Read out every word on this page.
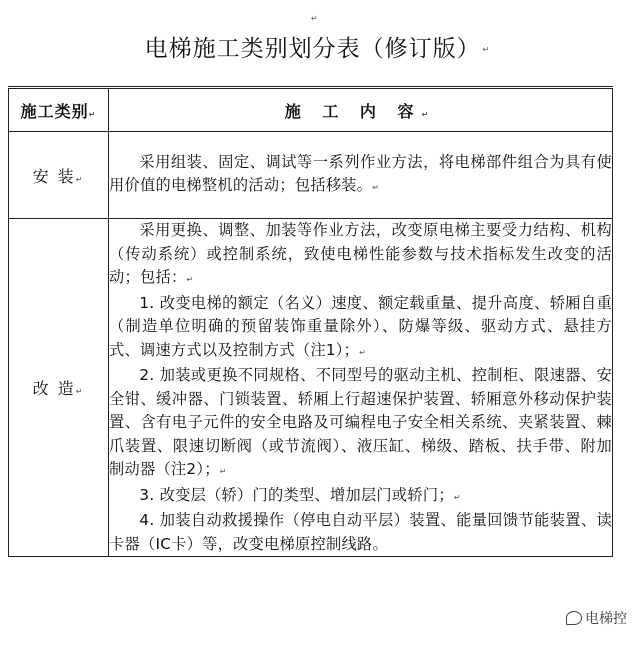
↵
电梯施工类别划分表（修订版） ↵
施工类别↵	施 工 内 容↵
安 装↵	采用组装、固定、调试等一系列作业方法，将电梯部件组合为具有使用价值的电梯整机的活动；包括移装。↵

改 造↵	采用更换、调整、加装等作业方法，改变原电梯主要受力结构、机构（传动系统）或控制系统，致使电梯性能参数与技术指标发生改变的活动；包括：↵

1. 改变电梯的额定（名义）速度、额定载重量、提升高度、轿厢自重（制造单位明确的预留装饰重量除外）、防爆等级、驱动方式、悬挂方式、调速方式以及控制方式（注1）；↵

2. 加装或更换不同规格、不同型号的驱动主机、控制柜、限速器、安全钳、缓冲器、门锁装置、轿厢上行超速保护装置、轿厢意外移动保护装置、含有电子元件的安全电路及可编程电子安全相关系统、夹紧装置、棘爪装置、限速切断阀（或节流阀）、液压缸、梯级、踏板、扶手带、附加制动器（注2）；↵

3. 改变层（轿）门的类型、增加层门或轿门；↵

4. 加装自动救援操作（停电自动平层）装置、能量回馈节能装置、读卡器（IC卡）等，改变电梯原控制线路。

电梯控
